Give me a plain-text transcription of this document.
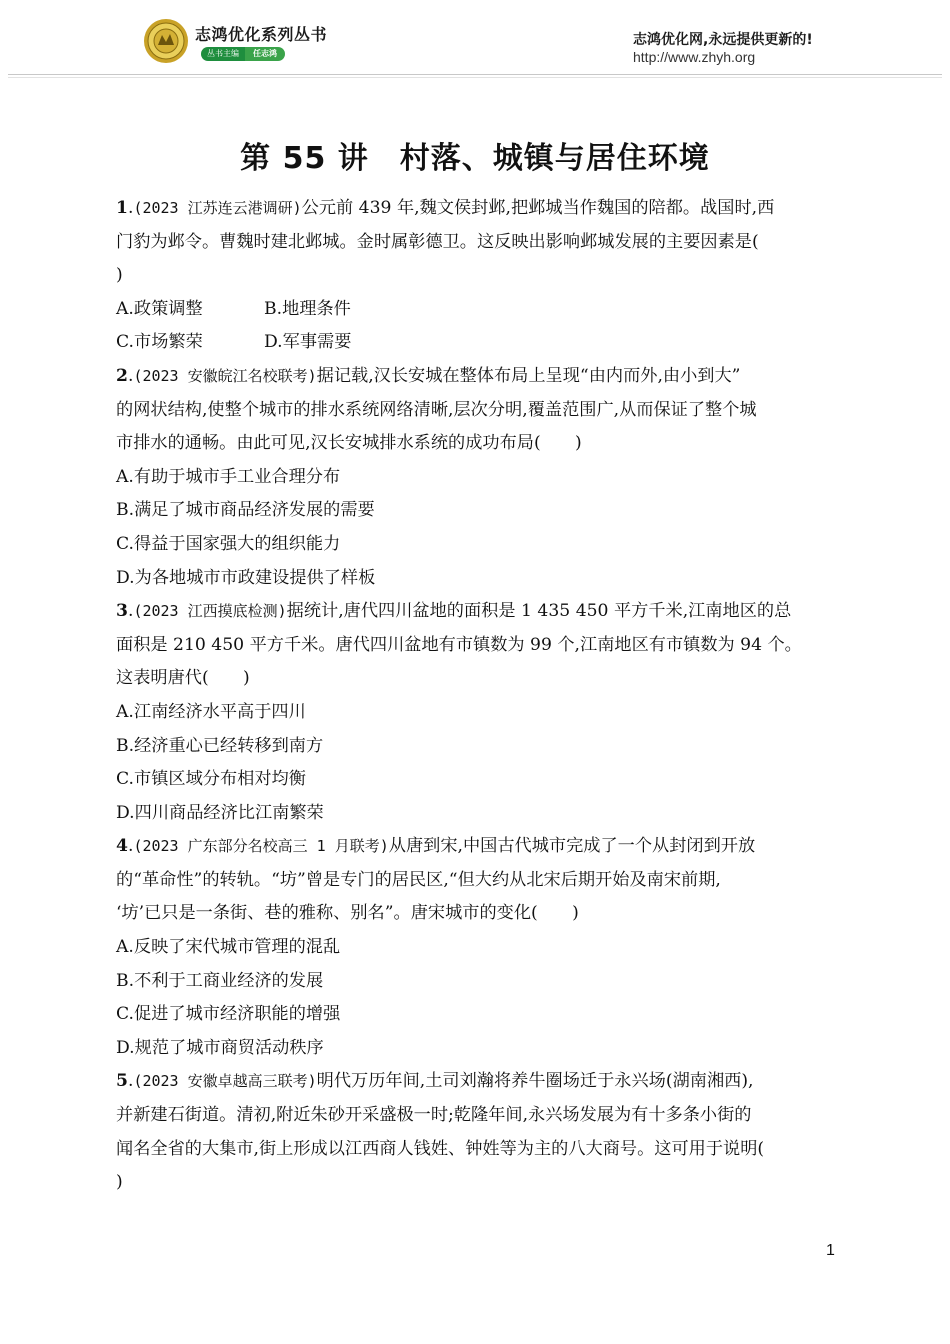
志鸿优化系列丛书
丛书主编	任志鸿
志鸿优化网,永远提供更新的!
http://www.zhyh.org
第 55 讲　村落、城镇与居住环境
1.(2023 江苏连云港调研)公元前 439 年,魏文侯封邺,把邺城当作魏国的陪都。战国时,西
门豹为邺令。曹魏时建北邺城。金时属彰德卫。这反映出影响邺城发展的主要因素是(
)
A.政策调整	B.地理条件
C.市场繁荣	D.军事需要
2.(2023 安徽皖江名校联考)据记载,汉长安城在整体布局上呈现“由内而外,由小到大”
的网状结构,使整个城市的排水系统网络清晰,层次分明,覆盖范围广,从而保证了整个城
市排水的通畅。由此可见,汉长安城排水系统的成功布局(　　)
A.有助于城市手工业合理分布
B.满足了城市商品经济发展的需要
C.得益于国家强大的组织能力
D.为各地城市市政建设提供了样板
3.(2023 江西摸底检测)据统计,唐代四川盆地的面积是 1 435 450 平方千米,江南地区的总
面积是 210 450 平方千米。唐代四川盆地有市镇数为 99 个,江南地区有市镇数为 94 个。
这表明唐代(　　)
A.江南经济水平高于四川
B.经济重心已经转移到南方
C.市镇区域分布相对均衡
D.四川商品经济比江南繁荣
4.(2023 广东部分名校高三 1 月联考)从唐到宋,中国古代城市完成了一个从封闭到开放
的“革命性”的转轨。“坊”曾是专门的居民区,“但大约从北宋后期开始及南宋前期,
‘坊’已只是一条街、巷的雅称、别名”。唐宋城市的变化(　　)
A.反映了宋代城市管理的混乱
B.不利于工商业经济的发展
C.促进了城市经济职能的增强
D.规范了城市商贸活动秩序
5.(2023 安徽卓越高三联考)明代万历年间,土司刘瀚将养牛圈场迁于永兴场(湖南湘西),
并新建石街道。清初,附近朱砂开采盛极一时;乾隆年间,永兴场发展为有十多条小街的
闻名全省的大集市,街上形成以江西商人钱姓、钟姓等为主的八大商号。这可用于说明(
)
1
